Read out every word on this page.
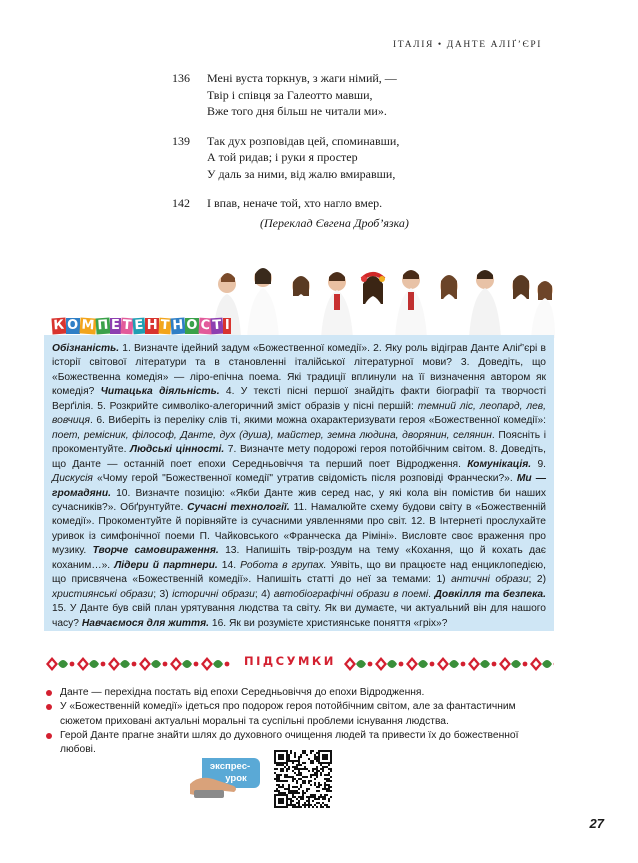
ІТАЛІЯ • ДАНТЕ АЛІҐ’ЄРІ
136	Мені вуста торкнув, з жаги німий, —
Твір і співця за Галеотто мавши,
Вже того дня більш не читали ми».
139	Так дух розповідав цей, споминавши,
А той ридав; і руки я простер
У даль за ними, від жалю вмиравши,
142	І впав, неначе той, хто нагло вмер.
(Переклад Євгена Дроб’язка)
Обізнаність. 1. Визначте ідейний задум «Божественної комедії». 2. Яку роль відіграв Данте Аліґ’єрі в історії світової літератури та в становленні італійської літературної мови? 3. Доведіть, що «Божественна комедія» — ліро-епічна поема. Які традиції вплинули на її визначення автором як комедія? Читацька діяльність. 4. У тексті пісні першої знайдіть факти біографії та творчості Верґілія. 5. Розкрийте символіко-алегоричний зміст образів у пісні першій: темний ліс, леопард, лев, вовчиця. 6. Виберіть із переліку слів ті, якими можна охарактеризувати героя «Божественної комедії»: поет, ремісник, філософ, Данте, дух (душа), майстер, земна людина, дворянин, селянин. Поясніть і прокоментуйте. Людські цінності. 7. Визначте мету подорожі героя потойбічним світом. 8. Доведіть, що Данте — останній поет епохи Середньовіччя та перший поет Відродження. Комунікація. 9. Дискусія «Чому герой "Божественної комедії" утратив свідомість після розповіді Франчески?». Ми — громадяни. 10. Визначте позицію: «Якби Данте жив серед нас, у які кола він помістив би наших сучасників?». Обґрунтуйте. Сучасні технології. 11. Намалюйте схему будови світу в «Божественній комедії». Прокоментуйте й порівняйте із сучасними уявленнями про світ. 12. В Інтернеті прослухайте уривок із симфонічної поеми П. Чайковського «Франческа да Ріміні». Висловте своє враження про музику. Творче самовираження. 13. Напишіть твір-роздум на тему «Кохання, що й кохать дає коханим…». Лідери й партнери. 14. Робота в групах. Уявіть, що ви працюєте над енциклопедією, що присвячена «Божественній комедії». Напишіть статті до неї за темами: 1) античні образи; 2) християнські образи; 3) історичні образи; 4) автобіографічні образи в поемі. Довкілля та безпека. 15. У Данте був свій план урятування людства та світу. Як ви думаєте, чи актуальний він для нашого часу? Навчаємося для життя. 16. Як ви розумієте християнське поняття «гріх»?
К О М П Е Т Е Н Т Н О С Т І
ПІДСУМКИ
Данте — перехідна постать від епохи Середньовіччя до епохи Відродження.
У «Божественній комедії» ідеться про подорож героя потойбічним світом, але за фантастичним сюжетом приховані актуальні моральні та суспільні проблеми існування людства.
Герой Данте прагне знайти шлях до духовного очищення людей та привести їх до божественної любові.
экспрес-
урок
27
